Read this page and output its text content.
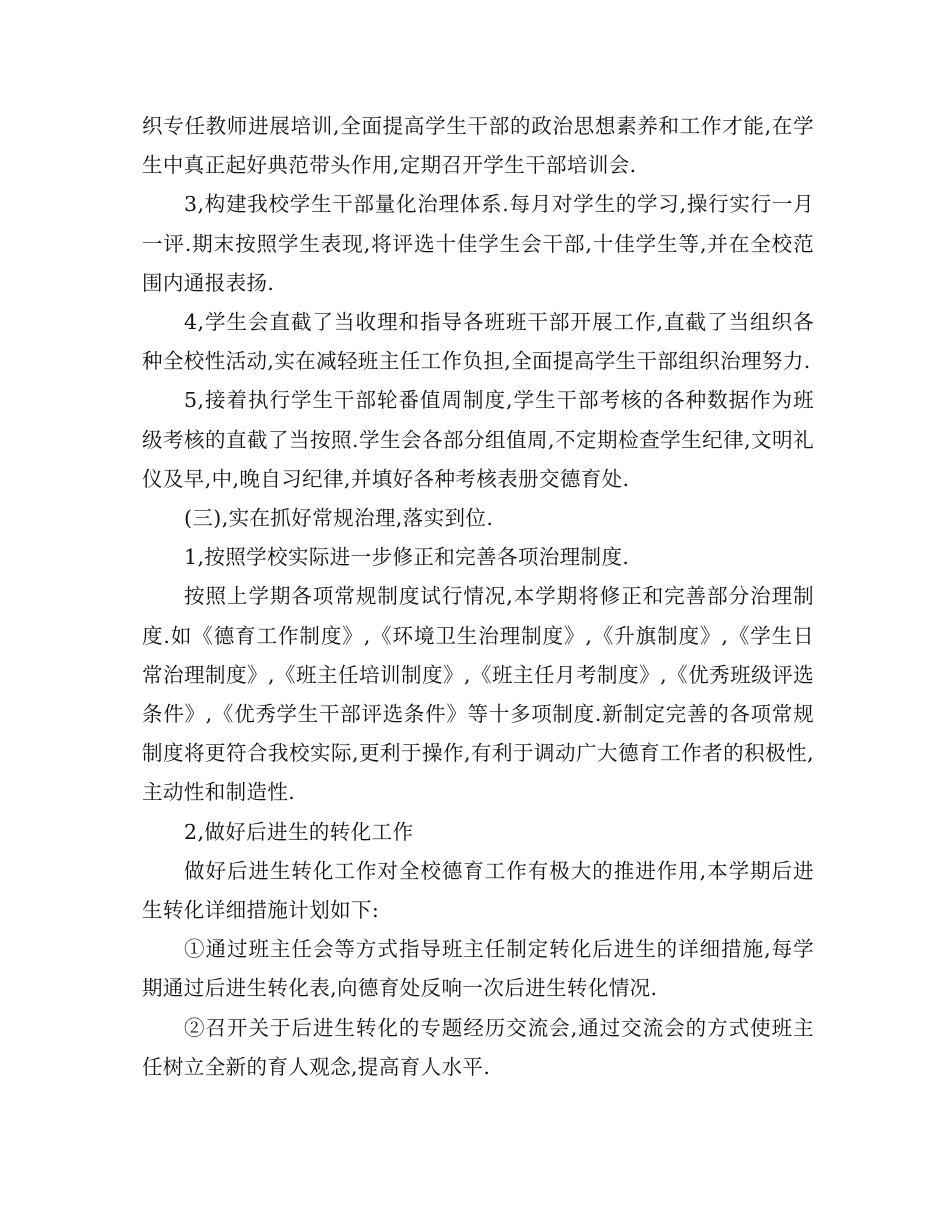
织专任教师进展培训,全面提高学生干部的政治思想素养和工作才能,在学生中真正起好典范带头作用,定期召开学生干部培训会.

3,构建我校学生干部量化治理体系.每月对学生的学习,操行实行一月一评.期末按照学生表现,将评选十佳学生会干部,十佳学生等,并在全校范围内通报表扬.

4,学生会直截了当收理和指导各班班干部开展工作,直截了当组织各种全校性活动,实在减轻班主任工作负担,全面提高学生干部组织治理努力.

5,接着执行学生干部轮番值周制度,学生干部考核的各种数据作为班级考核的直截了当按照.学生会各部分组值周,不定期检查学生纪律,文明礼仪及早,中,晚自习纪律,并填好各种考核表册交德育处.

(三),实在抓好常规治理,落实到位.

1,按照学校实际进一步修正和完善各项治理制度.

按照上学期各项常规制度试行情况,本学期将修正和完善部分治理制度.如《德育工作制度》,《环境卫生治理制度》,《升旗制度》,《学生日常治理制度》,《班主任培训制度》,《班主任月考制度》,《优秀班级评选条件》,《优秀学生干部评选条件》等十多项制度.新制定完善的各项常规制度将更符合我校实际,更利于操作,有利于调动广大德育工作者的积极性,主动性和制造性.

2,做好后进生的转化工作

做好后进生转化工作对全校德育工作有极大的推进作用,本学期后进生转化详细措施计划如下:

①通过班主任会等方式指导班主任制定转化后进生的详细措施,每学期通过后进生转化表,向德育处反响一次后进生转化情况.

②召开关于后进生转化的专题经历交流会,通过交流会的方式使班主任树立全新的育人观念,提高育人水平.
